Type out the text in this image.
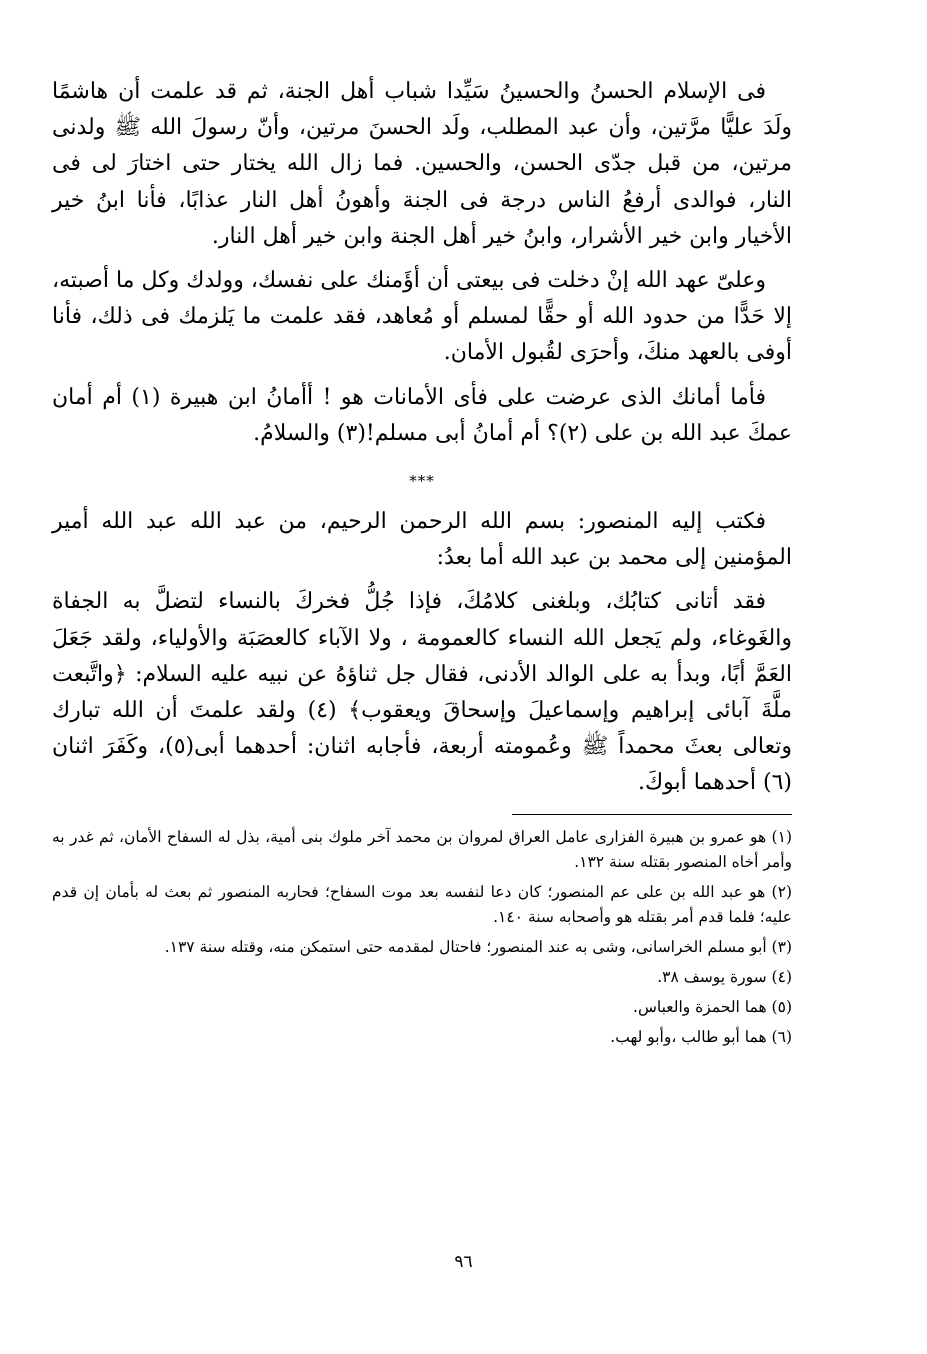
فى الإسلام الحسنُ والحسينُ سَيِّدا شباب أهل الجنة، ثم قد علمت أن هاشمًا ولَدَ عليًّا مرَّتين، وأن عبد المطلب، ولَد الحسنَ مرتين، وأنّ رسولَ الله ﷺ ولدنى مرتين، من قبل جدّى الحسن، والحسين. فما زال الله يختار حتى اختارَ لى فى النار، فوالدى أرفعُ الناس درجة فى الجنة وأهونُ أهل النار عذابًا، فأنا ابنُ خير الأخيار وابن خير الأشرار، وابنُ خير أهل الجنة وابن خير أهل النار.

وعلىّ عهد الله إنْ دخلت فى بيعتى أن أؤَمنك على نفسك، وولدك وكل ما أصبته، إلا حَدًّا من حدود الله أو حقًّا لمسلم أو مُعاهد، فقد علمت ما يَلزمك فى ذلك، فأنا أوفى بالعهد منكَ، وأحرَى لقُبول الأمان.

فأما أمانك الذى عرضت على فأى الأمانات هو ! أأمانُ ابن هبيرة (١) أم أمان عمكَ عبد الله بن على (٢)؟ أم أمانُ أبى مسلم!(٣) والسلامُ.

***

فكتب إليه المنصور: بسم الله الرحمن الرحيم، من عبد الله عبد الله أمير المؤمنين إلى محمد بن عبد الله أما بعدُ:

فقد أتانى كتابُك، وبلغنى كلامُكَ، فإذا جُلُّ فخركَ بالنساء لتضلَّ به الجفاة والغَوغاء، ولم يَجعل الله النساء كالعمومة ، ولا الآباء كالعصَبَة والأولياء، ولقد جَعَلَ العَمَّ أبًا، وبدأ به على الوالد الأدنى، فقال جل ثناؤهُ عن نبيه عليه السلام: ﴿واتَّبعت ملَّةَ آبائى إبراهيم وإسماعيلَ وإسحاقَ ويعقوب﴾ (٤) ولقد علمتَ أن الله تبارك وتعالى بعثَ محمداً ﷺ وعُمومته أربعة، فأجابه اثنان: أحدهما أبى(٥)، وكَفَرَ اثنان (٦) أحدهما أبوكَ.

(١) هو عمرو بن هبيرة الفزارى عامل العراق لمروان بن محمد آخر ملوك بنى أمية، بذل له السفاح الأمان، ثم غدر به وأمر أخاه المنصور بقتله سنة ١٣٢.
(٢) هو عبد الله بن على عم المنصور؛ كان دعا لنفسه بعد موت السفاح؛ فحاربه المنصور ثم بعث له بأمان إن قدم عليه؛ فلما قدم أمر بقتله هو وأصحابه سنة ١٤٠.
(٣) أبو مسلم الخراسانى، وشى به عند المنصور؛ فاحتال لمقدمه حتى استمكن منه، وقتله سنة ١٣٧.
(٤) سورة يوسف ٣٨.
(٥) هما الحمزة والعباس.
(٦) هما أبو طالب ،وأبو لهب.
٩٦
